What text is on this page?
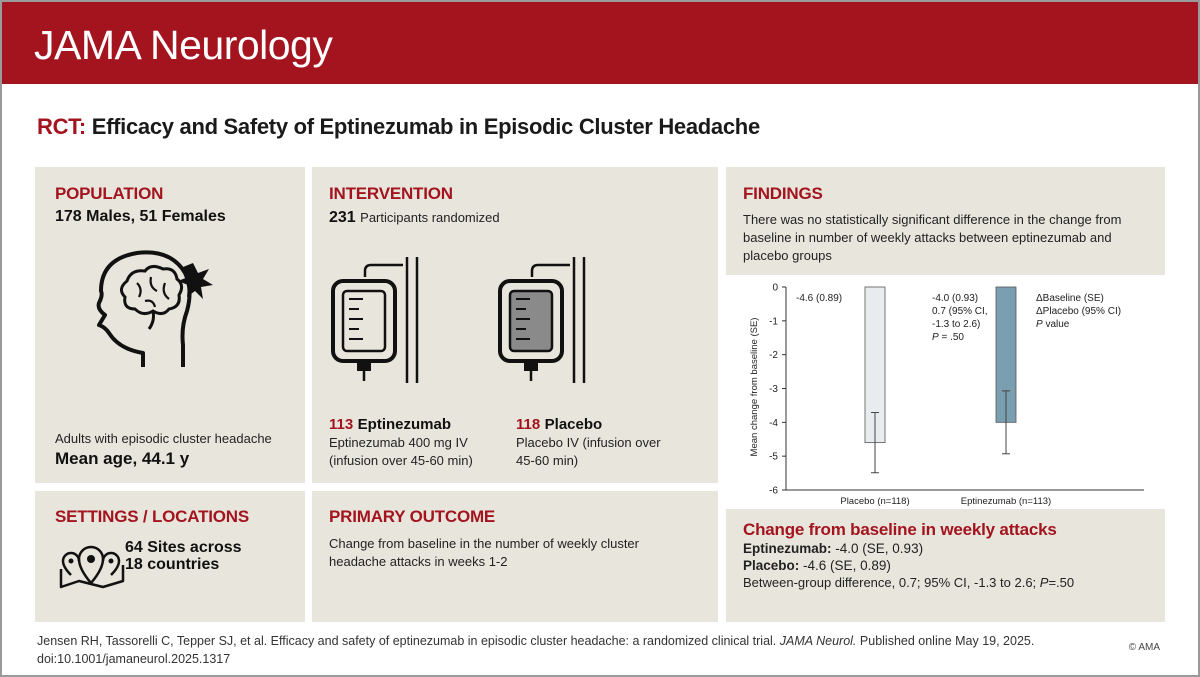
JAMA Neurology
RCT: Efficacy and Safety of Eptinezumab in Episodic Cluster Headache
POPULATION
178 Males, 51 Females
Adults with episodic cluster headache
Mean age, 44.1 y
INTERVENTION
231 Participants randomized
113 Eptinezumab
Eptinezumab 400 mg IV
(infusion over 45-60 min)
118 Placebo
Placebo IV (infusion over
45-60 min)
SETTINGS / LOCATIONS
64 Sites across
18 countries
PRIMARY OUTCOME
Change from baseline in the number of weekly cluster
headache attacks in weeks 1-2
FINDINGS
There was no statistically significant difference in the change from
baseline in number of weekly attacks between eptinezumab and
placebo groups
0
-1
-2
-3
-4
-5
-6
Placebo (n=118)	Eptinezumab (n=113)
-4.6 (0.89)	-4.0 (0.93)
0.7 (95% CI,
-1.3 to 2.6)
P = .50
ΔBaseline (SE)
ΔPlacebo (95% CI)
P value
Mean change from baseline (SE)
Change from baseline in weekly attacks
Eptinezumab: -4.0 (SE, 0.93)
Placebo: -4.6 (SE, 0.89)
Between-group difference, 0.7; 95% CI, -1.3 to 2.6; P=.50
Jensen RH, Tassorelli C, Tepper SJ, et al. Efficacy and safety of eptinezumab in episodic cluster headache: a randomized clinical trial. JAMA Neurol. Published online May 19, 2025.
doi:10.1001/jamaneurol.2025.1317
© AMA
